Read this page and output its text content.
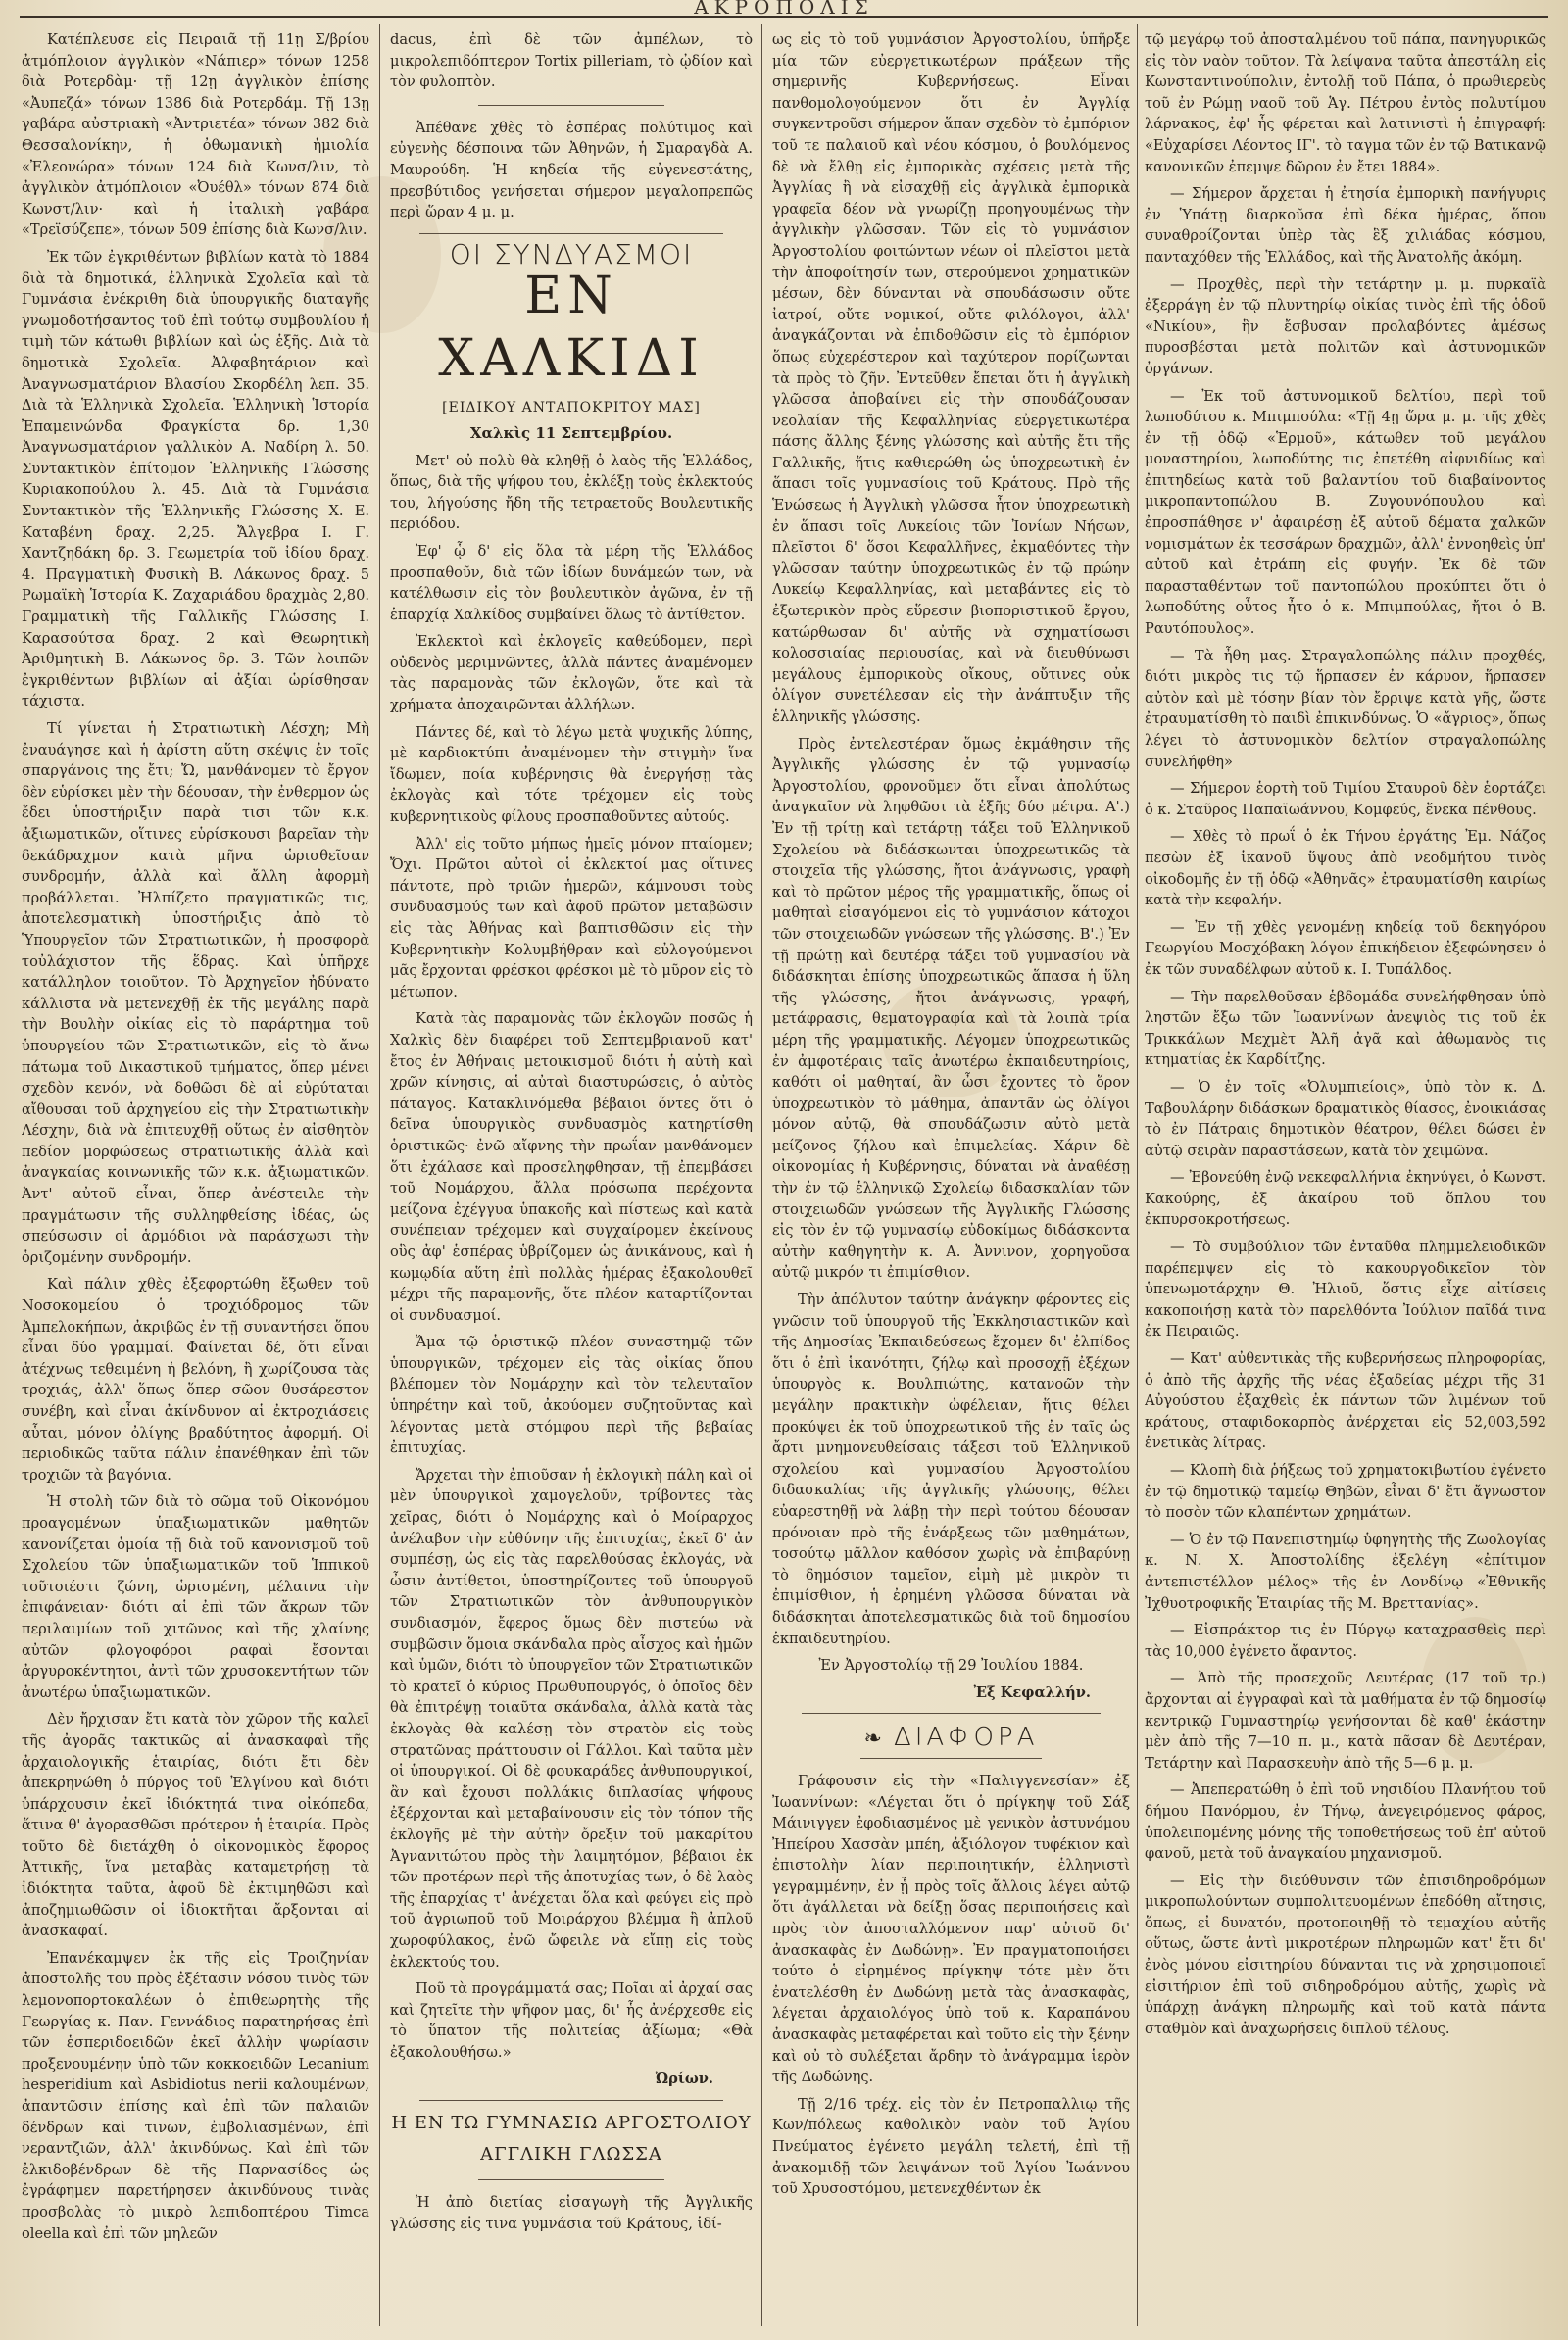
ΑΚΡΟΠΟΛΙΣ

Κατέπλευσε εἰς Πειραιᾶ τῇ 11ῃ Σ/βρίου ἀτμόπλοιον ἀγγλικὸν «Νάπιερ» τόνων 1258 διὰ Ροτερδὰμ· τῇ 12ῃ ἀγγλικὸν ἐπίσης «Ἀυπεζά» τόνων 1386 διὰ Ροτερδάμ. Τῇ 13ῃ γαβάρα αὐστριακὴ «Ἀντριετέα» τόνων 382 διὰ Θεσσαλονίκην, ἡ ὀθωμανικὴ ἡμιολία «Ἐλεονώρα» τόνων 124 διὰ Κωνσ/λιν, τὸ ἀγγλικὸν ἀτμόπλοιον «Ὀυέθλ» τόνων 874 διὰ Κωνστ/λιν· καὶ ἡ ἰταλικὴ γαβάρα «Τρεϊσύζεπε», τόνων 509 ἐπίσης διὰ Κωνσ/λιν.

Ἐκ τῶν ἐγκριθέντων βιβλίων κατὰ τὸ 1884 διὰ τὰ δημοτικά, ἑλληνικὰ Σχολεῖα καὶ τὰ Γυμνάσια ἐνέκριθη διὰ ὑπουργικῆς διαταγῆς γνωμοδοτήσαντος τοῦ ἐπὶ τούτῳ συμβουλίου ἡ τιμὴ τῶν κάτωθι βιβλίων καὶ ὡς ἑξῆς. Διὰ τὰ δημοτικὰ Σχολεῖα. Ἀλφαβητάριον καὶ Ἀναγνωσματάριον Βλασίου Σκορδέλη λεπ. 35. Διὰ τὰ Ἑλληνικὰ Σχολεῖα. Ἑλληνικὴ Ἱστορία Ἐπαμεινώνδα Φραγκίστα δρ. 1,30 Ἀναγνωσματάριον γαλλικὸν Α. Ναδίρη λ. 50. Συντακτικὸν ἐπίτομον Ἑλληνικῆς Γλώσσης Κυριακοπούλου λ. 45. Διὰ τὰ Γυμνάσια Συντακτικὸν τῆς Ἑλληνικῆς Γλώσσης Χ. Ε. Καταβένη δραχ. 2,25. Ἄλγεβρα Ι. Γ. Χαντζηδάκη δρ. 3. Γεωμετρία τοῦ ἰδίου δραχ. 4. Πραγματικὴ Φυσικὴ Β. Λάκωνος δραχ. 5 Ρωμαϊκὴ Ἱστορία Κ. Ζαχαριάδου δραχμὰς 2,80. Γραμματικὴ τῆς Γαλλικῆς Γλώσσης Ι. Καρασούτσα δραχ. 2 καὶ Θεωρητικὴ Ἀριθμητικὴ Β. Λάκωνος δρ. 3. Τῶν λοιπῶν ἐγκριθέντων βιβλίων αἱ ἀξίαι ὡρίσθησαν τάχιστα.

Τί γίνεται ἡ Στρατιωτικὴ Λέσχη; Μὴ ἐναυάγησε καὶ ἡ ἀρίστη αὕτη σκέψις ἐν τοῖς σπαργάνοις της ἔτι; Ὤ, μανθάνομεν τὸ ἔργον δὲν εὑρίσκει μὲν τὴν δέουσαν, τὴν ἐνθερμον ὡς ἔδει ὑποστήριξιν παρὰ τισι τῶν κ.κ. ἀξιωματικῶν, οἵτινες εὑρίσκουσι βαρεῖαν τὴν δεκάδραχμον κατὰ μῆνα ὡρισθεῖσαν συνδρομήν, ἀλλὰ καὶ ἄλλη ἀφορμὴ προβάλλεται. Ἠλπίζετο πραγματικῶς τις, ἀποτελεσματικὴ ὑποστήριξις ἀπὸ τὸ Ὑπουργεῖον τῶν Στρατιωτικῶν, ἡ προσφορὰ τοὐλάχιστον τῆς ἕδρας. Καὶ ὑπῆρχε κατάλληλον τοιοῦτον. Τὸ Ἀρχηγεῖον ἠδύνατο κάλλιστα νὰ μετενεχθῇ ἐκ τῆς μεγάλης παρὰ τὴν Βουλὴν οἰκίας εἰς τὸ παράρτημα τοῦ ὑπουργείου τῶν Στρατιωτικῶν, εἰς τὸ ἄνω πάτωμα τοῦ Δικαστικοῦ τμήματος, ὅπερ μένει σχεδὸν κενόν, νὰ δοθῶσι δὲ αἱ εὐρύταται αἴθουσαι τοῦ ἀρχηγείου εἰς τὴν Στρατιωτικὴν Λέσχην, διὰ νὰ ἐπιτευχθῇ οὕτως ἐν αἰσθητὸν πεδίον μορφώσεως στρατιωτικῆς ἀλλὰ καὶ ἀναγκαίας κοινωνικῆς τῶν κ.κ. ἀξιωματικῶν. Ἀντ' αὐτοῦ εἶναι, ὅπερ ἀνέστειλε τὴν πραγμάτωσιν τῆς συλληφθείσης ἰδέας, ὡς σπεύσωσιν οἱ ἁρμόδιοι νὰ παράσχωσι τὴν ὁριζομένην συνδρομήν.

Καὶ πάλιν χθὲς ἐξεφορτώθη ἔξωθεν τοῦ Νοσοκομείου ὁ τροχιόδρομος τῶν Ἀμπελοκήπων, ἀκριβῶς ἐν τῇ συναντήσει ὅπου εἶναι δύο γραμμαί. Φαίνεται δέ, ὅτι εἶναι ἀτέχνως τεθειμένη ἡ βελόνη, ἢ χωρίζουσα τὰς τροχιάς, ἀλλ' ὅπως ὅπερ σῶον θυσάρεστον συνέβη, καὶ εἶναι ἀκίνδυνον αἱ ἐκτροχιάσεις αὗται, μόνον ὀλίγης βραδύτητος ἀφορμή. Οἱ περιοδικῶς ταῦτα πάλιν ἐπανέθηκαν ἐπὶ τῶν τροχιῶν τὰ βαγόνια.

Ἡ στολὴ τῶν διὰ τὸ σῶμα τοῦ Οἰκονόμου προαγομένων ὑπαξιωματικῶν μαθητῶν κανονίζεται ὁμοία τῇ διὰ τοῦ κανονισμοῦ τοῦ Σχολείου τῶν ὑπαξιωματικῶν τοῦ Ἱππικοῦ τοῦτοιέστι ζώνη, ὡρισμένη, μέλαινα τὴν ἐπιφάνειαν· διότι αἱ ἐπὶ τῶν ἄκρων τῶν περιλαιμίων τοῦ χιτῶνος καὶ τῆς χλαίνης αὐτῶν φλογοφόροι ραφαὶ ἔσονται ἀργυροκέντητοι, ἀντὶ τῶν χρυσοκεντήτων τῶν ἀνωτέρω ὑπαξιωματικῶν.

Δὲν ἤρχισαν ἔτι κατὰ τὸν χῶρον τῆς καλεῖ τῆς ἀγορᾶς τακτικῶς αἱ ἀνασκαφαὶ τῆς ἀρχαιολογικῆς ἑταιρίας, διότι ἔτι δὲν ἀπεκρηνώθη ὁ πύργος τοῦ Ἐλγίνου καὶ διότι ὑπάρχουσιν ἐκεῖ ἰδιόκτητά τινα οἰκόπεδα, ἅτινα θ' ἀγορασθῶσι πρότερον ἡ ἑταιρία. Πρὸς τοῦτο δὲ διετάχθη ὁ οἰκονομικὸς ἔφορος Ἀττικῆς, ἵνα μεταβὰς καταμετρήσῃ τὰ ἰδιόκτητα ταῦτα, ἀφοῦ δὲ ἐκτιμηθῶσι καὶ ἀποζημιωθῶσιν οἱ ἰδιοκτῆται ἄρξονται αἱ ἀνασκαφαί.

Ἐπανέκαμψεν ἐκ τῆς εἰς Τροιζηνίαν ἀποστολῆς του πρὸς ἐξέτασιν νόσου τινὸς τῶν λεμονοπορτοκαλέων ὁ ἐπιθεωρητὴς τῆς Γεωργίας κ. Παν. Γεννάδιος παρατηρήσας ἐπὶ τῶν ἑσπεριδοειδῶν ἐκεῖ ἀλλὴν ψωρίασιν προξενουμένην ὑπὸ τῶν κοκκοειδῶν Lecanium hesperidium καὶ Asbidiotus nerii καλουμένων, ἀπαντῶσιν ἐπίσης καὶ ἐπὶ τῶν παλαιῶν δένδρων καὶ τινων, ἐμβολιασμένων, ἐπὶ νεραντζιῶν, ἀλλ' ἀκινδύνως. Καὶ ἐπὶ τῶν ἐλκιδοβένδρων δὲ τῆς Παρνασίδος ὡς ἐγράφημεν παρετήρησεν ἀκινδύνους τινὰς προσβολὰς τὸ μικρὸ λεπιδοπτέρου Timca oleella καὶ ἐπὶ τῶν μηλεῶν

dacus, ἐπὶ δὲ τῶν ἀμπέλων, τὸ μικρολεπιδόπτερον Tortix pilleriam, τὸ ᾠδίον καὶ τὸν φυλοπτὸν.

Ἀπέθανε χθὲς τὸ ἑσπέρας πολύτιμος καὶ εὐγενὴς δέσποινα τῶν Ἀθηνῶν, ἡ Σμαραγδὰ Α. Μαυρούδη. Ἡ κηδεία τῆς εὐγενεστάτης, πρεσβύτιδος γενήσεται σήμερον μεγαλοπρεπῶς περὶ ὥραν 4 μ. μ.

ΟΙ ΣΥΝΔΥΑΣΜΟΙ
ΕΝ ΧΑΛΚΙΔΙ
[ΕΙΔΙΚΟΥ ΑΝΤΑΠΟΚΡΙΤΟΥ ΜΑΣ]
Χαλκὶς 11 Σεπτεμβρίου.

Μετ' οὐ πολὺ θὰ κληθῇ ὁ λαὸς τῆς Ἑλλάδος, ὅπως, διὰ τῆς ψήφου του, ἐκλέξῃ τοὺς ἐκλεκτούς του, λήγούσης ἤδη τῆς τετραετοῦς Βουλευτικῆς περιόδου.

Ἐφ' ᾧ δ' εἰς ὅλα τὰ μέρη τῆς Ἑλλάδος προσπαθοῦν, διὰ τῶν ἰδίων δυνάμεών των, νὰ κατέλθωσιν εἰς τὸν βουλευτικὸν ἀγῶνα, ἐν τῇ ἐπαρχίᾳ Χαλκίδος συμβαίνει ὅλως τὸ ἀντίθετον.

Ἐκλεκτοὶ καὶ ἐκλογεῖς καθεύδομεν, περὶ οὐδενὸς μεριμνῶντες, ἀλλὰ πάντες ἀναμένομεν τὰς παραμονὰς τῶν ἐκλογῶν, ὅτε καὶ τὰ χρήματα ἀποχαιρῶνται ἀλλήλων.

Πάντες δέ, καὶ τὸ λέγω μετὰ ψυχικῆς λύπης, μὲ καρδιοκτύπι ἀναμένομεν τὴν στιγμὴν ἵνα ἴδωμεν, ποία κυβέρνησις θὰ ἐνεργήσῃ τὰς ἐκλογὰς καὶ τότε τρέχομεν εἰς τοὺς κυβερνητικοὺς φίλους προσπαθοῦντες αὐτούς.

Ἀλλ' εἰς τοῦτο μήπως ἡμεῖς μόνον πταίομεν; Ὄχι. Πρῶτοι αὐτοὶ οἱ ἐκλεκτοί μας οἵτινες πάντοτε, πρὸ τριῶν ἡμερῶν, κάμνουσι τοὺς συνδυασμούς των καὶ ἀφοῦ πρῶτον μεταβῶσιν εἰς τὰς Ἀθήνας καὶ βαπτισθῶσιν εἰς τὴν Κυβερνητικὴν Κολυμβήθραν καὶ εὐλογούμενοι μᾶς ἔρχονται φρέσκοι φρέσκοι μὲ τὸ μῦρον εἰς τὸ μέτωπον.

Κατὰ τὰς παραμονὰς τῶν ἐκλογῶν ποσῶς ἡ Χαλκὶς δὲν διαφέρει τοῦ Σεπτεμβριανοῦ κατ' ἔτος ἐν Ἀθήναις μετοικισμοῦ διότι ἡ αὐτὴ καὶ χρῶν κίνησις, αἱ αὐταὶ διαστυρώσεις, ὁ αὐτὸς πάταγος. Κατακλινόμεθα βέβαιοι ὅντες ὅτι ὁ δεῖνα ὑπουργικὸς συνδυασμὸς κατηρτίσθη ὁριστικῶς· ἐνῶ αἴφνης τὴν πρωΐαν μανθάνομεν ὅτι ἐχάλασε καὶ προσεληφθησαν, τῇ ἐπεμβάσει τοῦ Νομάρχου, ἄλλα πρόσωπα περέχοντα μείζονα ἐχέγγυα ὑπακοῆς καὶ πίστεως καὶ κατὰ συνέπειαν τρέχομεν καὶ συγχαίρομεν ἐκείνους οὓς ἀφ' ἑσπέρας ὑβρίζομεν ὡς ἀνικάνους, καὶ ἡ κωμῳδία αὕτη ἐπὶ πολλὰς ἡμέρας ἐξακολουθεῖ μέχρι τῆς παραμονῆς, ὅτε πλέον καταρτίζονται οἱ συνδυασμοί.

Ἅμα τῷ ὁριστικῷ πλέον συναστημῷ τῶν ὑπουργικῶν, τρέχομεν εἰς τὰς οἰκίας ὅπου βλέπομεν τὸν Νομάρχην καὶ τὸν τελευταῖον ὑπηρέτην καὶ τοῦ, ἀκούομεν συζητοῦντας καὶ λέγοντας μετὰ στόμφου περὶ τῆς βεβαίας ἐπιτυχίας.

Ἄρχεται τὴν ἐπιοῦσαν ἡ ἐκλογικὴ πάλη καὶ οἱ μὲν ὑπουργικοὶ χαμογελοῦν, τρίβοντες τὰς χεῖρας, διότι ὁ Νομάρχης καὶ ὁ Μοίραρχος ἀνέλαβον τὴν εὐθύνην τῆς ἐπιτυχίας, ἐκεῖ δ' ἀν συμπέσῃ, ὡς εἰς τὰς παρελθούσας ἐκλογάς, νὰ ὦσιν ἀντίθετοι, ὑποστηρίζοντες τοῦ ὑπουργοῦ τῶν Στρατιωτικῶν τὸν ἀνθυπουργικὸν συνδιασμόν, ἔφερος ὅμως δὲν πιστεύω νὰ συμβῶσιν ὅμοια σκάνδαλα πρὸς αἶσχος καὶ ἡμῶν καὶ ὑμῶν, διότι τὸ ὑπουργεῖον τῶν Στρατιωτικῶν τὸ κρατεῖ ὁ κύριος Πρωθυπουργός, ὁ ὁποῖος δὲν θὰ ἐπιτρέψῃ τοιαῦτα σκάνδαλα, ἀλλὰ κατὰ τὰς ἐκλογὰς θὰ καλέσῃ τὸν στρατὸν εἰς τοὺς στρατῶνας πράττουσιν οἱ Γάλλοι. Καὶ ταῦτα μὲν οἱ ὑπουργικοί. Οἱ δὲ φουκαράδες ἀνθυπουργικοί, ἂν καὶ ἔχουσι πολλάκις διπλασίας ψήφους ἐξέρχονται καὶ μεταβαίνουσιν εἰς τὸν τόπον τῆς ἐκλογῆς μὲ τὴν αὐτὴν ὄρεξιν τοῦ μακαρίτου Ἀγνανιτώτου πρὸς τὴν λαιμητόμον, βέβαιοι ἐκ τῶν προτέρων περὶ τῆς ἀποτυχίας των, ὁ δὲ λαὸς τῆς ἐπαρχίας τ' ἀνέχεται ὅλα καὶ φεύγει εἰς πρὸ τοῦ ἀγριωποῦ τοῦ Μοιράρχου βλέμμα ἢ ἀπλοῦ χωροφύλακος, ἐνῶ ὤφειλε νὰ εἴπῃ εἰς τοὺς ἐκλεκτούς του.

Ποῦ τὰ προγράμματά σας; Ποῖαι αἱ ἀρχαί σας καὶ ζητεῖτε τὴν ψῆφον μας, δι' ἧς ἀνέρχεσθε εἰς τὸ ὕπατον τῆς πολιτείας ἀξίωμα; «Θὰ ἐξακολουθήσω.»

Ὠρίων.
Η ΕΝ ΤΩ ΓΥΜΝΑΣΙΩ ΑΡΓΟΣΤΟΛΙΟΥ
ΑΓΓΛΙΚΗ ΓΛΩΣΣΑ

Ἡ ἀπὸ διετίας εἰσαγωγὴ τῆς Ἀγγλικῆς γλώσσης εἰς τινα γυμνάσια τοῦ Κράτους, ἰδί-

ως εἰς τὸ τοῦ γυμνάσιον Ἀργοστολίου, ὑπῆρξε μία τῶν εὐεργετικωτέρων πράξεων τῆς σημερινῆς Κυβερνήσεως. Εἶναι πανθομολογούμενον ὅτι ἐν Ἀγγλίᾳ συγκεντροῦσι σήμερον ἅπαν σχεδὸν τὸ ἐμπόριον τοῦ τε παλαιοῦ καὶ νέου κόσμου, ὁ βουλόμενος δὲ νὰ ἔλθῃ εἰς ἐμπορικὰς σχέσεις μετὰ τῆς Ἀγγλίας ἢ νὰ εἰσαχθῇ εἰς ἀγγλικὰ ἐμπορικὰ γραφεῖα δέον νὰ γνωρίζῃ προηγουμένως τὴν ἀγγλικὴν γλῶσσαν. Τῶν εἰς τὸ γυμνάσιον Ἀργοστολίου φοιτώντων νέων οἱ πλεῖστοι μετὰ τὴν ἀποφοίτησίν των, στερούμενοι χρηματικῶν μέσων, δὲν δύνανται νὰ σπουδάσωσιν οὔτε ἰατροί, οὔτε νομικοί, οὔτε φιλόλογοι, ἀλλ' ἀναγκάζονται νὰ ἐπιδοθῶσιν εἰς τὸ ἐμπόριον ὅπως εὐχερέστερον καὶ ταχύτερον πορίζωνται τὰ πρὸς τὸ ζῆν. Ἐντεῦθεν ἔπεται ὅτι ἡ ἀγγλικὴ γλῶσσα ἀποβαίνει εἰς τὴν σπουδάζουσαν νεολαίαν τῆς Κεφαλληνίας εὐεργετικωτέρα πάσης ἄλλης ξένης γλώσσης καὶ αὐτῆς ἔτι τῆς Γαλλικῆς, ἥτις καθιερώθη ὡς ὑποχρεωτικὴ ἐν ἅπασι τοῖς γυμνασίοις τοῦ Κράτους. Πρὸ τῆς Ἑνώσεως ἡ Ἀγγλικὴ γλῶσσα ἦτον ὑποχρεωτικὴ ἐν ἅπασι τοῖς Λυκείοις τῶν Ἰονίων Νήσων, πλεῖστοι δ' ὅσοι Κεφαλλῆνες, ἐκμαθόντες τὴν γλῶσσαν ταύτην ὑποχρεωτικῶς ἐν τῷ πρώην Λυκείῳ Κεφαλληνίας, καὶ μεταβάντες εἰς τὸ ἐξωτερικὸν πρὸς εὕρεσιν βιοποριστικοῦ ἔργου, κατώρθωσαν δι' αὐτῆς νὰ σχηματίσωσι κολοσσιαίας περιουσίας, καὶ νὰ διευθύνωσι μεγάλους ἐμπορικοὺς οἴκους, οὔτινες οὐκ ὀλίγον συνετέλεσαν εἰς τὴν ἀνάπτυξιν τῆς ἑλληνικῆς γλώσσης.

Πρὸς ἐντελεστέραν ὅμως ἐκμάθησιν τῆς Ἀγγλικῆς γλώσσης ἐν τῷ γυμνασίῳ Ἀργοστολίου, φρονοῦμεν ὅτι εἶναι ἀπολύτως ἀναγκαῖον νὰ ληφθῶσι τὰ ἑξῆς δύο μέτρα. Α'.) Ἐν τῇ τρίτῃ καὶ τετάρτῃ τάξει τοῦ Ἑλληνικοῦ Σχολείου νὰ διδάσκωνται ὑποχρεωτικῶς τὰ στοιχεῖα τῆς γλώσσης, ἤτοι ἀνάγνωσις, γραφὴ καὶ τὸ πρῶτον μέρος τῆς γραμματικῆς, ὅπως οἱ μαθηταὶ εἰσαγόμενοι εἰς τὸ γυμνάσιον κάτοχοι τῶν στοιχειωδῶν γνώσεων τῆς γλώσσης. Β'.) Ἐν τῇ πρώτῃ καὶ δευτέρᾳ τάξει τοῦ γυμνασίου νὰ διδάσκηται ἐπίσης ὑποχρεωτικῶς ἅπασα ἡ ὕλη τῆς γλώσσης, ἤτοι ἀνάγνωσις, γραφή, μετάφρασις, θεματογραφία καὶ τὰ λοιπὰ τρία μέρη τῆς γραμματικῆς. Λέγομεν ὑποχρεωτικῶς ἐν ἀμφοτέραις ταῖς ἀνωτέρω ἐκπαιδευτηρίοις, καθότι οἱ μαθηταί, ἂν ὦσι ἔχοντες τὸ ὅρον ὑποχρεωτικὸν τὸ μάθημα, ἀπαντᾶν ὡς ὀλίγοι μόνον αὐτῷ, θὰ σπουδάζωσιν αὐτὸ μετὰ μείζονος ζήλου καὶ ἐπιμελείας. Χάριν δὲ οἰκονομίας ἡ Κυβέρνησις, δύναται νὰ ἀναθέσῃ τὴν ἐν τῷ ἑλληνικῷ Σχολείῳ διδασκαλίαν τῶν στοιχειωδῶν γνώσεων τῆς Ἀγγλικῆς Γλώσσης εἰς τὸν ἐν τῷ γυμνασίῳ εὐδοκίμως διδάσκοντα αὐτὴν καθηγητὴν κ. Α. Ἀννινον, χορηγοῦσα αὐτῷ μικρόν τι ἐπιμίσθιον.

Τὴν ἀπόλυτον ταύτην ἀνάγκην φέροντες εἰς γνῶσιν τοῦ ὑπουργοῦ τῆς Ἐκκλησιαστικῶν καὶ τῆς Δημοσίας Ἐκπαιδεύσεως ἔχομεν δι' ἐλπίδος ὅτι ὁ ἐπὶ ἱκανότητι, ζήλῳ καὶ προσοχῇ ἐξέχων ὑπουργὸς κ. Βουλπιώτης, κατανοῶν τὴν μεγάλην πρακτικὴν ὠφέλειαν, ἥτις θέλει προκύψει ἐκ τοῦ ὑποχρεωτικοῦ τῆς ἐν ταῖς ὡς ἄρτι μνημονευθείσαις τάξεσι τοῦ Ἑλληνικοῦ σχολείου καὶ γυμνασίου Ἀργοστολίου διδασκαλίας τῆς ἀγγλικῆς γλώσσης, θέλει εὐαρεστηθῇ νὰ λάβῃ τὴν περὶ τούτου δέουσαν πρόνοιαν πρὸ τῆς ἐνάρξεως τῶν μαθημάτων, τοσούτῳ μᾶλλον καθόσον χωρὶς νὰ ἐπιβαρύνῃ τὸ δημόσιον ταμεῖον, εἰμὴ μὲ μικρὸν τι ἐπιμίσθιον, ἡ ἐρημένη γλῶσσα δύναται νὰ διδάσκηται ἀποτελεσματικῶς διὰ τοῦ δημοσίου ἐκπαιδευτηρίου.

Ἐν Ἀργοστολίῳ τῇ 29 Ἰουλίου 1884.
Ἐξ Κεφαλλήν.
❧ ΔΙΑΦΟΡΑ

Γράφουσιν εἰς τὴν «Παλιγγενεσίαν» ἐξ Ἰωαννίνων: «Λέγεται ὅτι ὁ πρίγκηψ τοῦ Σάξ Μάινιγγεν ἐφοδιασμένος μὲ γενικὸν ἀστυνόμου Ἠπείρου Χασσὰν μπέη, ἀξιόλογον τυφέκιον καὶ ἐπιστολὴν λίαν περιποιητικήν, ἑλληνιστὶ γεγραμμένην, ἐν ᾗ πρὸς τοῖς ἄλλοις λέγει αὐτῷ ὅτι ἀγάλλεται νὰ δείξῃ ὅσας περιποιήσεις καὶ πρὸς τὸν ἀποσταλλόμενον παρ' αὐτοῦ δι' ἀνασκαφὰς ἐν Δωδώνῃ». Ἐν πραγματοποιήσει τούτο ὁ εἰρημένος πρίγκηψ τότε μὲν ὅτι ἐνατελέσθη ἐν Δωδώνῃ μετὰ τὰς ἀνασκαφὰς, λέγεται ἀρχαιολόγος ὑπὸ τοῦ κ. Καραπάνου ἀνασκαφὰς μεταφέρεται καὶ τοῦτο εἰς τὴν ξένην καὶ οὐ τὸ συλέξεται ἄρδην τὸ ἀνάγραμμα ἱερὸν τῆς Δωδώνης.

Τῇ 2/16 τρέχ. εἰς τὸν ἐν Πετροπαλλιῳ τῆς Κων/πόλεως καθολικὸν ναὸν τοῦ Ἁγίου Πνεύματος ἐγένετο μεγάλη τελετή, ἐπὶ τῇ ἀνακομιδῇ τῶν λειψάνων τοῦ Ἁγίου Ἰωάννου τοῦ Χρυσοστόμου, μετενεχθέντων ἐκ

τῷ μεγάρῳ τοῦ ἀποσταλμένου τοῦ πάπα, πανηγυρικῶς εἰς τὸν ναὸν τοῦτον. Τὰ λείψανα ταῦτα ἀπεστάλη εἰς Κωνσταντινούπολιν, ἐντολῇ τοῦ Πάπα, ὁ πρωθιερεὺς τοῦ ἐν Ρώμῃ ναοῦ τοῦ Ἁγ. Πέτρου ἐντὸς πολυτίμου λάρνακος, ἐφ' ἧς φέρεται καὶ λατινιστὶ ἡ ἐπιγραφή: «Εὐχαρίσει Λέοντος ΙΓ'. τὸ ταγμα τῶν ἐν τῷ Βατικανῷ κανονικῶν ἐπεμψε δῶρον ἐν ἔτει 1884».

— Σήμερον ἄρχεται ἡ ἐτησία ἐμπορικὴ πανήγυρις ἐν Ὑπάτῃ διαρκοῦσα ἐπὶ δέκα ἡμέρας, ὅπου συναθροίζονται ὑπὲρ τὰς ἓξ χιλιάδας κόσμου, πανταχόθεν τῆς Ἑλλάδος, καὶ τῆς Ἀνατολῆς ἀκόμη.

— Προχθὲς, περὶ τὴν τετάρτην μ. μ. πυρκαϊὰ ἐξερράγη ἐν τῷ πλυντηρίῳ οἰκίας τινὸς ἐπὶ τῆς ὁδοῦ «Νικίου», ἣν ἔσβυσαν προλαβόντες ἀμέσως πυροσβέσται μετὰ πολιτῶν καὶ ἀστυνομικῶν ὀργάνων.

— Ἐκ τοῦ ἀστυνομικοῦ δελτίου, περὶ τοῦ λωποδύτου κ. Μπιμπούλα: «Τῇ 4ῃ ὥρα μ. μ. τῆς χθὲς ἐν τῇ ὁδῷ «Ἑρμοῦ», κάτωθεν τοῦ μεγάλου μοναστηρίου, λωποδύτης τις ἐπετέθη αἰφνιδίως καὶ ἐπιτηδείως κατὰ τοῦ βαλαντίου τοῦ διαβαίνοντος μικροπαντοπώλου Β. Ζυγουνόπουλου καὶ ἐπροσπάθησε ν' ἀφαιρέσῃ ἐξ αὐτοῦ δέματα χαλκῶν νομισμάτων ἐκ τεσσάρων δραχμῶν, ἀλλ' ἐννοηθεὶς ὑπ' αὐτοῦ καὶ ἐτράπη εἰς φυγήν. Ἐκ δὲ τῶν παρασταθέντων τοῦ παντοπώλου προκύπτει ὅτι ὁ λωποδύτης οὗτος ἦτο ὁ κ. Μπιμπούλας, ἤτοι ὁ Β. Ραυτόπουλος».

— Τὰ ἦθη μας. Στραγαλοπώλης πάλιν προχθές, διότι μικρὸς τις τῷ ἥρπασεν ἐν κάρυον, ἥρπασεν αὐτὸν καὶ μὲ τόσην βίαν τὸν ἔρριψε κατὰ γῆς, ὥστε ἐτραυματίσθη τὸ παιδὶ ἐπικινδύνως. Ὁ «ἄγριος», ὅπως λέγει τὸ ἀστυνομικὸν δελτίον στραγαλοπώλης συνελήφθη»

— Σήμερον ἑορτὴ τοῦ Τιμίου Σταυροῦ δὲν ἑορτάζει ὁ κ. Σταῦρος Παπαϊωάννου, Κομφεύς, ἕνεκα πένθους.

— Χθὲς τὸ πρωΐ ὁ ἐκ Τήνου ἐργάτης Ἐμ. Νάζος πεσὼν ἐξ ἱκανοῦ ὕψους ἀπὸ νεοδμήτου τινὸς οἰκοδομῆς ἐν τῇ ὁδῷ «Ἀθηνᾶς» ἐτραυματίσθη καιρίως κατὰ τὴν κεφαλήν.

— Ἐν τῇ χθὲς γενομένῃ κηδείᾳ τοῦ δεκηγόρου Γεωργίου Μοσχόβακη λόγον ἐπικήδειον ἐξεφώνησεν ὁ ἐκ τῶν συναδέλφων αὐτοῦ κ. Ι. Τυπάλδος.

— Τὴν παρελθοῦσαν ἑβδομάδα συνελήφθησαν ὑπὸ ληστῶν ἔξω τῶν Ἰωαννίνων ἀνεψιὸς τις τοῦ ἐκ Τρικκάλων Μεχμὲτ Ἀλῆ ἀγᾶ καὶ ἀθωμανὸς τις κτηματίας ἐκ Καρδίτζης.

— Ὁ ἐν τοῖς «Ὀλυμπιείοις», ὑπὸ τὸν κ. Δ. Ταβουλάρην διδάσκων δραματικὸς θίασος, ἐνοικιάσας τὸ ἐν Πάτραις δημοτικὸν θέατρον, θέλει δώσει ἐν αὐτῷ σειρὰν παραστάσεων, κατὰ τὸν χειμῶνα.

— Ἐβονεύθη ἐνῷ νεκεφαλλήνια ἐκηνύγει, ὁ Κωνστ. Κακούρης, ἐξ ἀκαίρου τοῦ ὅπλου του ἐκπυρσοκροτήσεως.

— Τὸ συμβούλιον τῶν ἐνταῦθα πλημμελειοδικῶν παρέπεμψεν εἰς τὸ κακουργοδικεῖον τὸν ὑπενωμοτάρχην Θ. Ἠλιοῦ, ὅστις εἶχε αἰτίσεις κακοποιήσῃ κατὰ τὸν παρελθόντα Ἰούλιον παῖδά τινα ἐκ Πειραιῶς.

— Κατ' αὐθεντικὰς τῆς κυβερνήσεως πληροφορίας, ὁ ἀπὸ τῆς ἀρχῆς τῆς νέας ἐξαδείας μέχρι τῆς 31 Αὐγούστου ἐξαχθεὶς ἐκ πάντων τῶν λιμένων τοῦ κράτους, σταφιδοκαρπὸς ἀνέρχεται εἰς 52,003,592 ἑνετικὰς λίτρας.

— Κλοπὴ διὰ ῥήξεως τοῦ χρηματοκιβωτίου ἐγένετο ἐν τῷ δημοτικῷ ταμείῳ Θηβῶν, εἶναι δ' ἔτι ἄγνωστον τὸ ποσὸν τῶν κλαπέντων χρημάτων.

— Ὁ ἐν τῷ Πανεπιστημίῳ ὑφηγητὴς τῆς Ζωολογίας κ. Ν. Χ. Ἀποστολίδης ἐξελέγη «ἐπίτιμον ἀντεπιστέλλον μέλος» τῆς ἐν Λονδίνῳ «Ἐθνικῆς Ἰχθυοτροφικῆς Ἑταιρίας τῆς Μ. Βρεττανίας».

— Εἰσπράκτορ τις ἐν Πύργῳ καταχρασθεὶς περὶ τὰς 10,000 ἐγένετο ἄφαντος.

— Ἀπὸ τῆς προσεχοῦς Δευτέρας (17 τοῦ τρ.) ἄρχονται αἱ ἐγγραφαὶ καὶ τὰ μαθήματα ἐν τῷ δημοσίῳ κεντρικῷ Γυμναστηρίῳ γενήσονται δὲ καθ' ἑκάστην μὲν ἀπὸ τῆς 7—10 π. μ., κατὰ πᾶσαν δὲ Δευτέραν, Τετάρτην καὶ Παρασκευὴν ἀπὸ τῆς 5—6 μ. μ.

— Ἀπεπερατώθη ὁ ἐπὶ τοῦ νησιδίου Πλανήτου τοῦ δήμου Πανόρμου, ἐν Τήνῳ, ἀνεγειρόμενος φάρος, ὑπολειπομένης μόνης τῆς τοποθετήσεως τοῦ ἐπ' αὐτοῦ φανοῦ, μετὰ τοῦ ἀναγκαίου μηχανισμοῦ.

— Εἰς τὴν διεύθυνσιν τῶν ἐπισιδηροδρόμων μικροπωλούντων συμπολιτευομένων ἐπεδόθη αἴτησις, ὅπως, εἰ δυνατόν, προτοποιηθῇ τὸ τεμαχίου αὐτῆς οὕτως, ὥστε ἀντὶ μικροτέρων πληρωμῶν κατ' ἔτι δι' ἐνὸς μόνου εἰσιτηρίου δύνανται τις νὰ χρησιμοποιεῖ εἰσιτήριον ἐπὶ τοῦ σιδηροδρόμου αὐτῆς, χωρὶς νὰ ὑπάρχῃ ἀνάγκη πληρωμῆς καὶ τοῦ κατὰ πάντα σταθμὸν καὶ ἀναχωρήσεις διπλοῦ τέλους.
